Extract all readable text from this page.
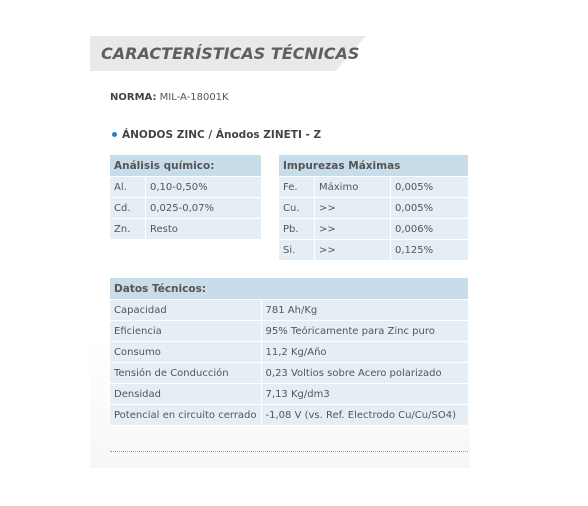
CARACTERÍSTICAS TÉCNICAS
NORMA: MIL-A-18001K
ÁNODOS ZINC / Ánodos ZINETI - Z
Análisis químico:	
Al.	0,10-0,50%
Cd.	0,025-0,07%
Zn.	Resto
Impurezas Máximas		
Fe.	Máximo	0,005%
Cu.	>>	0,005%
Pb.	>>	0,006%
Si.	>>	0,125%
Datos Técnicos:	
Capacidad	781 Ah/Kg
Eficiencia	95% Teóricamente para Zinc puro
Consumo	11,2 Kg/Año
Tensión de Conducción	0,23 Voltios sobre Acero polarizado
Densidad	7,13 Kg/dm3
Potencial en circuito cerrado	-1,08 V (vs. Ref. Electrodo Cu/Cu/SO4)
